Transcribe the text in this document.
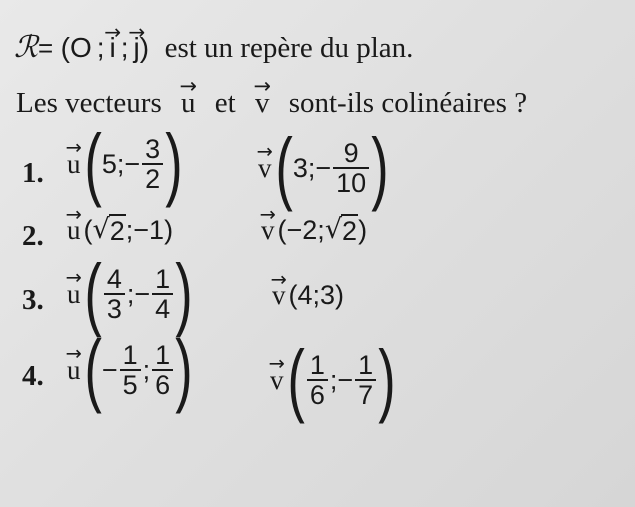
ℛ= (O ; → i ; → j) est un repère du plan.
Les vecteurs → u et → v sont-ils colinéaires ?
1. → u ( 5 ; − $\frac{3}{2}$ )	→ v ( 3 ; − $\frac{9}{10}$ )
2. → u ( √ 2 ; −1 )	→ v ( −2 ; √ 2 )
3. → u ( $\frac{4}{3}$ ; − $\frac{1}{4}$ )	→ v (4;3)
4. → u ( − $\frac{1}{5}$ ; $\frac{1}{6}$ )	→ v ( $\frac{1}{6}$ ; − $\frac{1}{7}$ )
